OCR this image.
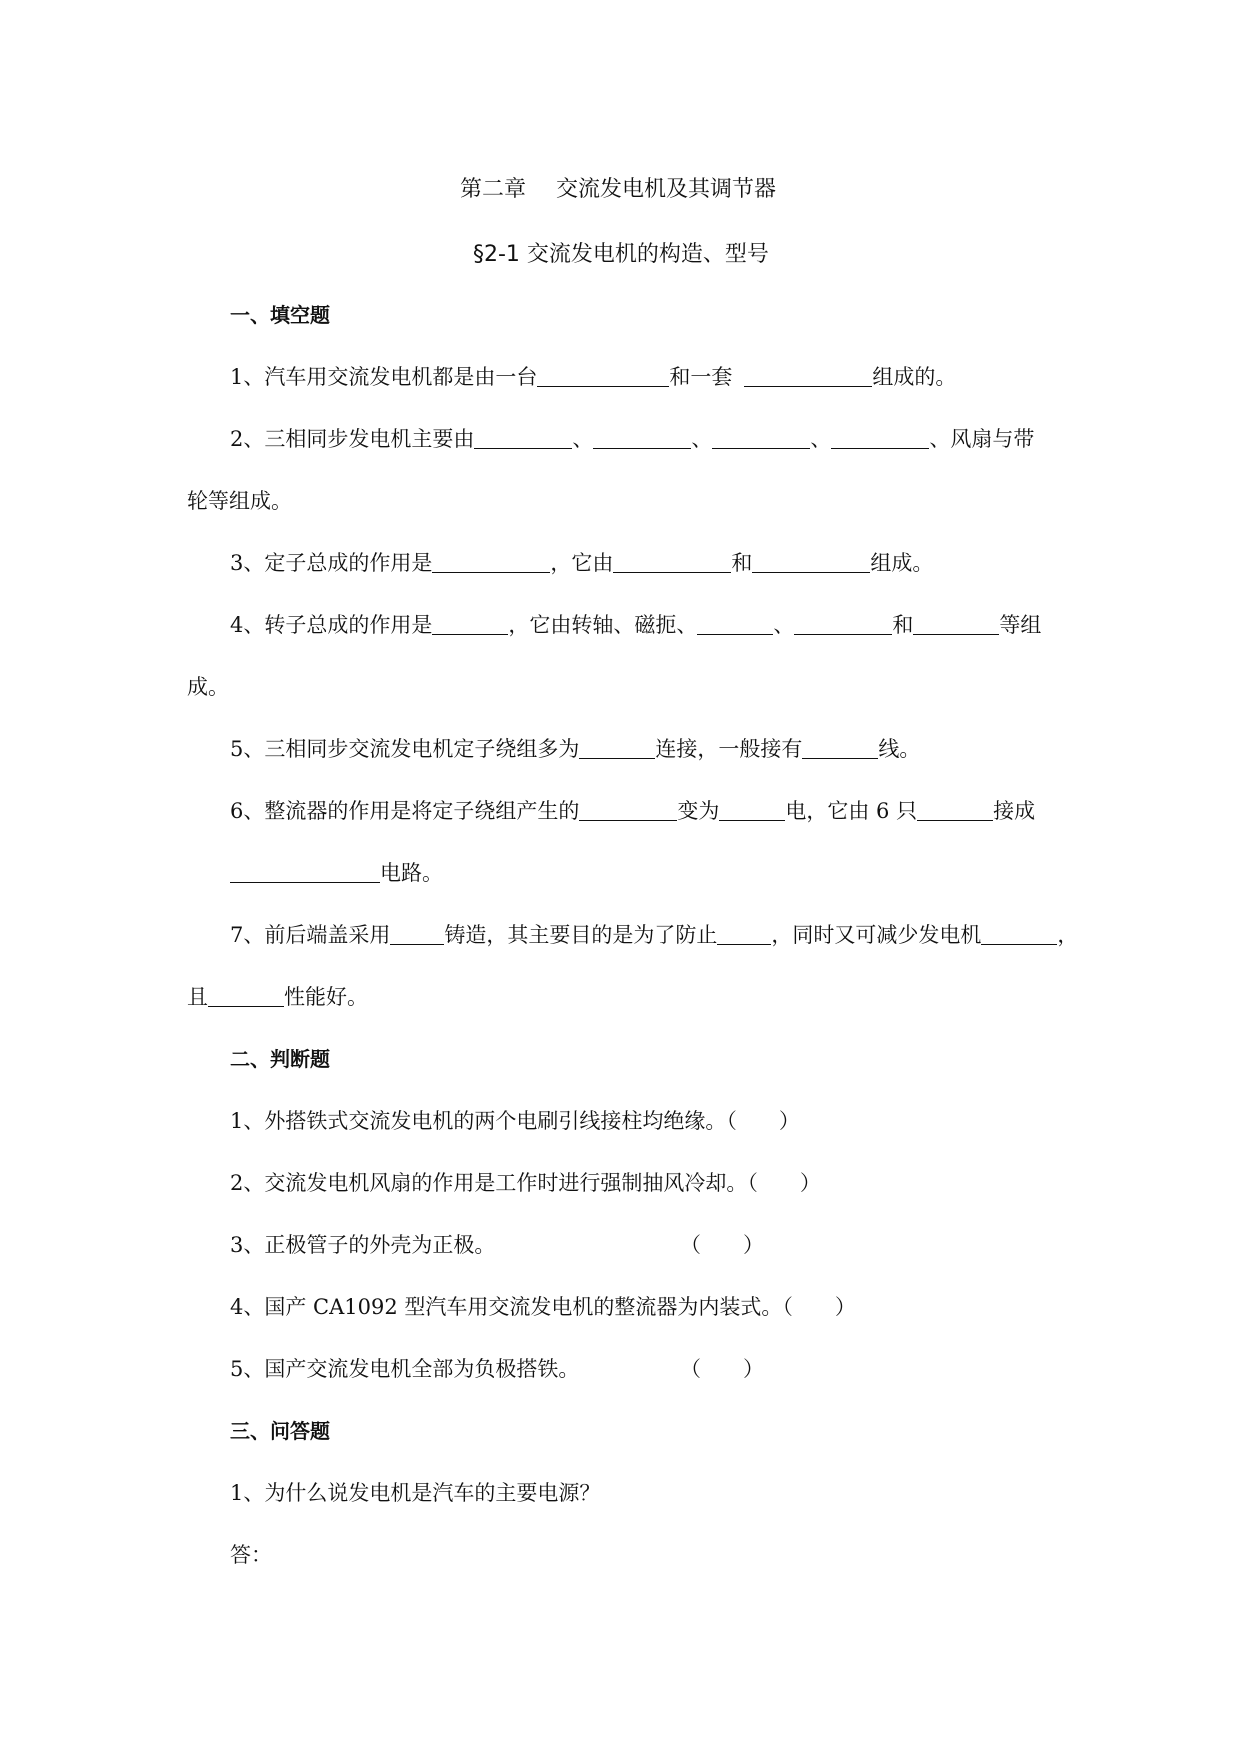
第二章 交流发电机及其调节器
§2-1 交流发电机的构造、型号
一、填空题
1、汽车用交流发电机都是由一台	和一套	组成的。
2、三相同步发电机主要由	、	、	、	、风扇与带
轮等组成。
3、定子总成的作用是	，它由	和	组成。
4、转子总成的作用是	，它由转轴、磁扼、	、	和	等组
成。
5、三相同步交流发电机定子绕组多为	连接，一般接有	线。
6、整流器的作用是将定子绕组产生的	变为	电，它由 6 只	接成
电路。
7、前后端盖采用	铸造，其主要目的是为了防止	，同时又可减少发电机	，
且	性能好。
二、判断题
1、外搭铁式交流发电机的两个电刷引线接柱均绝缘。（　　）
2、交流发电机风扇的作用是工作时进行强制抽风冷却。（　　）
3、正极管子的外壳为正极。	（　　）
4、国产 CA1092 型汽车用交流发电机的整流器为内装式。（　　）
5、国产交流发电机全部为负极搭铁。	（　　）
三、问答题
1、为什么说发电机是汽车的主要电源？
答：
